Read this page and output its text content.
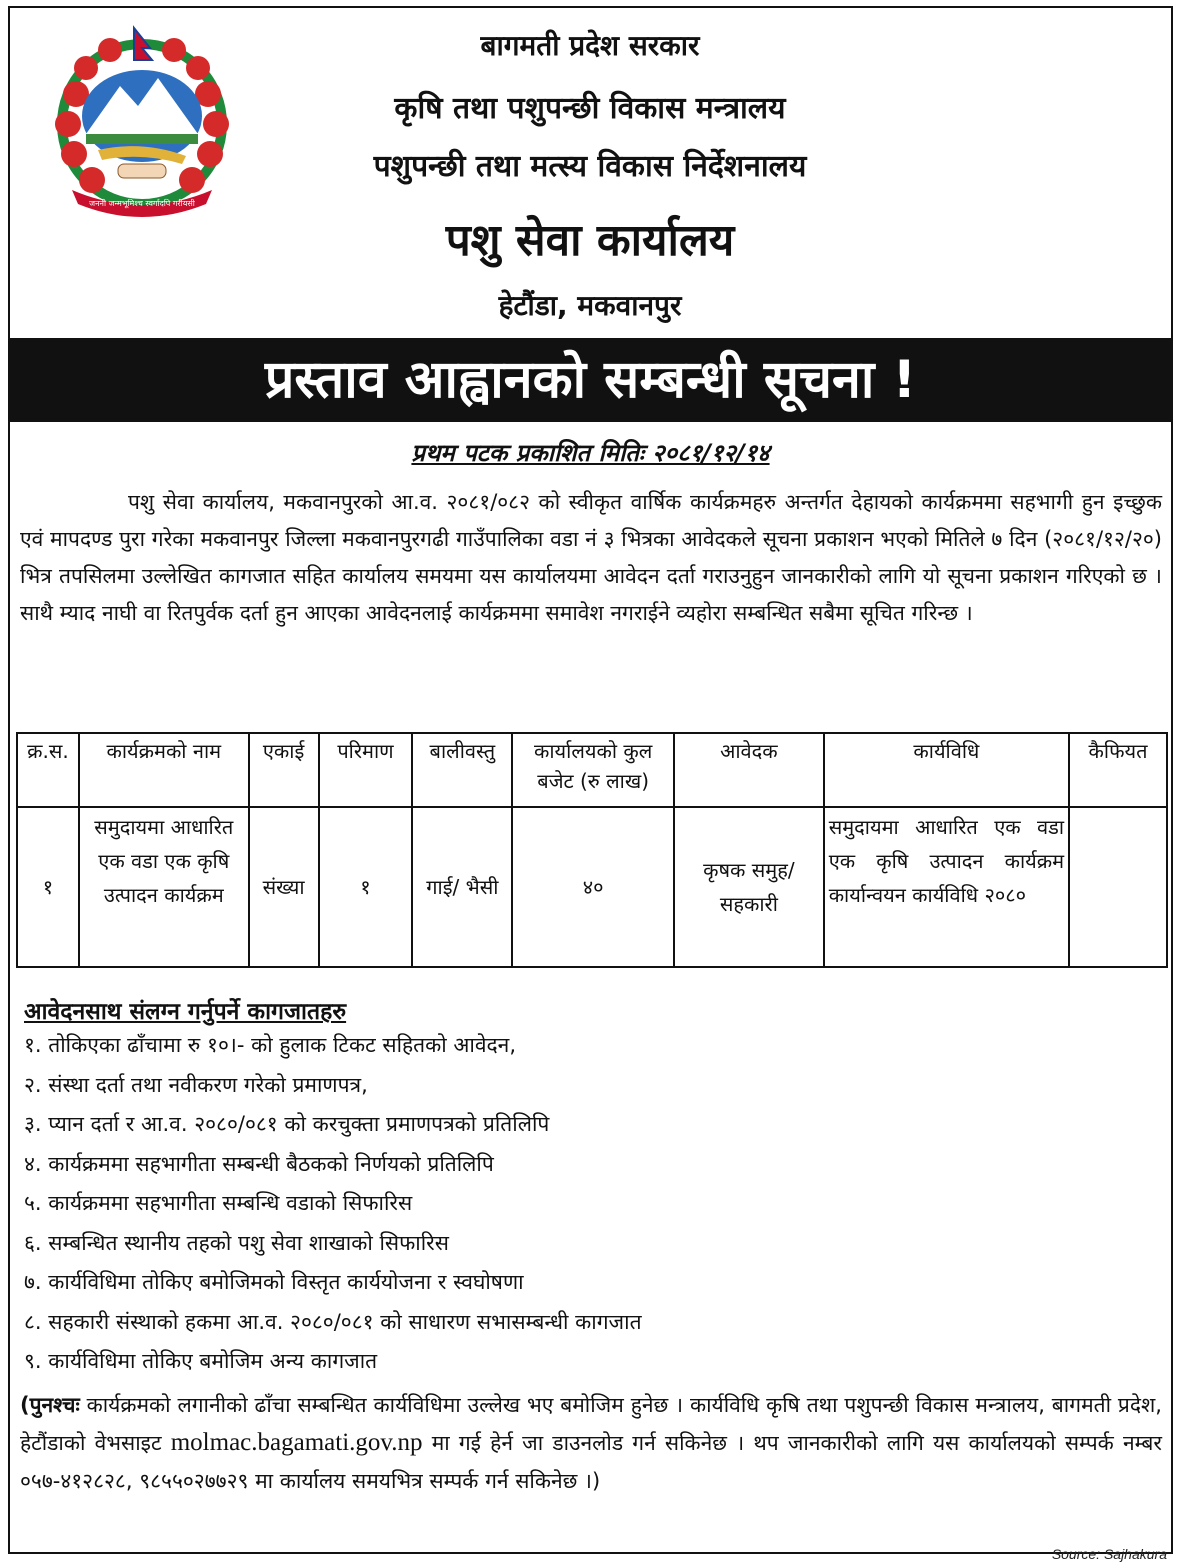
जननी जन्मभूमिश्च स्वर्गादपि गरीयसी
बागमती प्रदेश सरकार
कृषि तथा पशुपन्छी विकास मन्त्रालय
पशुपन्छी तथा मत्स्य विकास निर्देशनालय
पशु सेवा कार्यालय
हेटौंडा, मकवानपुर
प्रस्ताव आह्वानको सम्बन्धी सूचना !
प्रथम पटक प्रकाशित मितिः २०८१/१२/१४
पशु सेवा कार्यालय, मकवानपुरको आ.व. २०८१/०८२ को स्वीकृत वार्षिक कार्यक्रमहरु अन्तर्गत देहायको कार्यक्रममा सहभागी हुन इच्छुक एवं मापदण्ड पुरा गरेका मकवानपुर जिल्ला मकवानपुरगढी गाउँपालिका वडा नं ३ भित्रका आवेदकले सूचना प्रकाशन भएको मितिले ७ दिन (२०८१/१२/२०) भित्र तपसिलमा उल्लेखित कागजात सहित कार्यालय समयमा यस कार्यालयमा आवेदन दर्ता गराउनुहुन जानकारीको लागि यो सूचना प्रकाशन गरिएको छ । साथै म्याद नाघी वा रितपुर्वक दर्ता हुन आएका आवेदनलाई कार्यक्रममा समावेश नगराईने व्यहोरा सम्बन्धित सबैमा सूचित गरिन्छ ।
क्र.स.	कार्यक्रमको नाम	एकाई	परिमाण	बालीवस्तु	कार्यालयको कुल बजेट (रु लाख)	आवेदक	कार्यविधि	कैफियत
१	समुदायमा आधारित एक वडा एक कृषि उत्पादन कार्यक्रम	संख्या	१	गाई/ भैसी	४०	कृषक समुह/ सहकारी	समुदायमा आधारित एक वडा एक कृषि उत्पादन कार्यक्रम कार्यान्वयन कार्यविधि २०८०	
आवेदनसाथ संलग्न गर्नुपर्ने कागजातहरु
१. तोकिएका ढाँचामा रु १०।- को हुलाक टिकट सहितको आवेदन,
२. संस्था दर्ता तथा नवीकरण गरेको प्रमाणपत्र,
३. प्यान दर्ता र आ.व. २०८०/०८१ को करचुक्ता प्रमाणपत्रको प्रतिलिपि
४. कार्यक्रममा सहभागीता सम्बन्धी बैठकको निर्णयको प्रतिलिपि
५. कार्यक्रममा सहभागीता सम्बन्धि वडाको सिफारिस
६. सम्बन्धित स्थानीय तहको पशु सेवा शाखाको सिफारिस
७. कार्यविधिमा तोकिए बमोजिमको विस्तृत कार्ययोजना र स्वघोषणा
८. सहकारी संस्थाको हकमा आ.व. २०८०/०८१ को साधारण सभासम्बन्धी कागजात
९. कार्यविधिमा तोकिए बमोजिम अन्य कागजात
(पुनश्चः कार्यक्रमको लगानीको ढाँचा सम्बन्धित कार्यविधिमा उल्लेख भए बमोजिम हुनेछ । कार्यविधि कृषि तथा पशुपन्छी विकास मन्त्रालय, बागमती प्रदेश, हेटौंडाको वेभसाइट molmac.bagamati.gov.np मा गई हेर्न जा डाउनलोड गर्न सकिनेछ । थप जानकारीको लागि यस कार्यालयको सम्पर्क नम्बर ०५७-४१२८२८, ९८५५०२७७२९ मा कार्यालय समयभित्र सम्पर्क गर्न सकिनेछ ।)
Source: Sajhakura
